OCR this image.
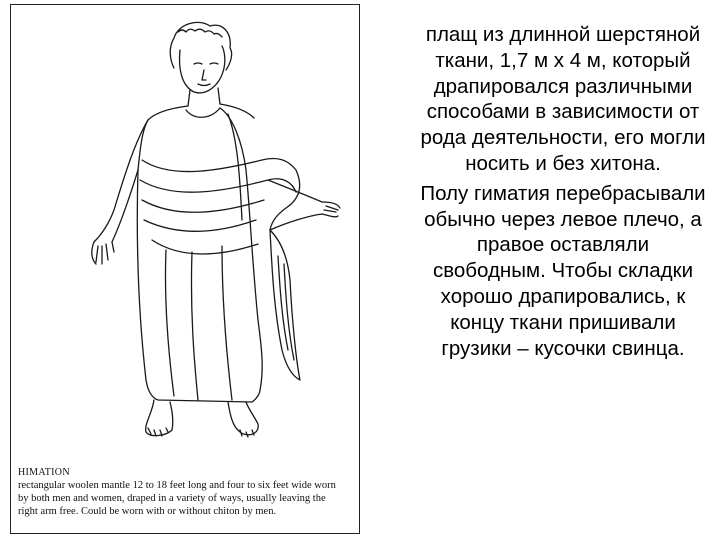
HIMATION
rectangular woolen mantle 12 to 18 feet long and four to six feet wide worn by both men and women, draped in a variety of ways, usually leaving the right arm free. Could be worn with or without chiton by men.

плащ из длинной шерстяной ткани, 1,7 м х 4 м, который драпировался различными способами в зависимости от рода деятельности, его могли носить и без хитона.

Полу гиматия перебрасывали обычно через левое плечо, а правое оставляли свободным. Чтобы складки хорошо драпировались, к концу ткани пришивали грузики – кусочки свинца.
